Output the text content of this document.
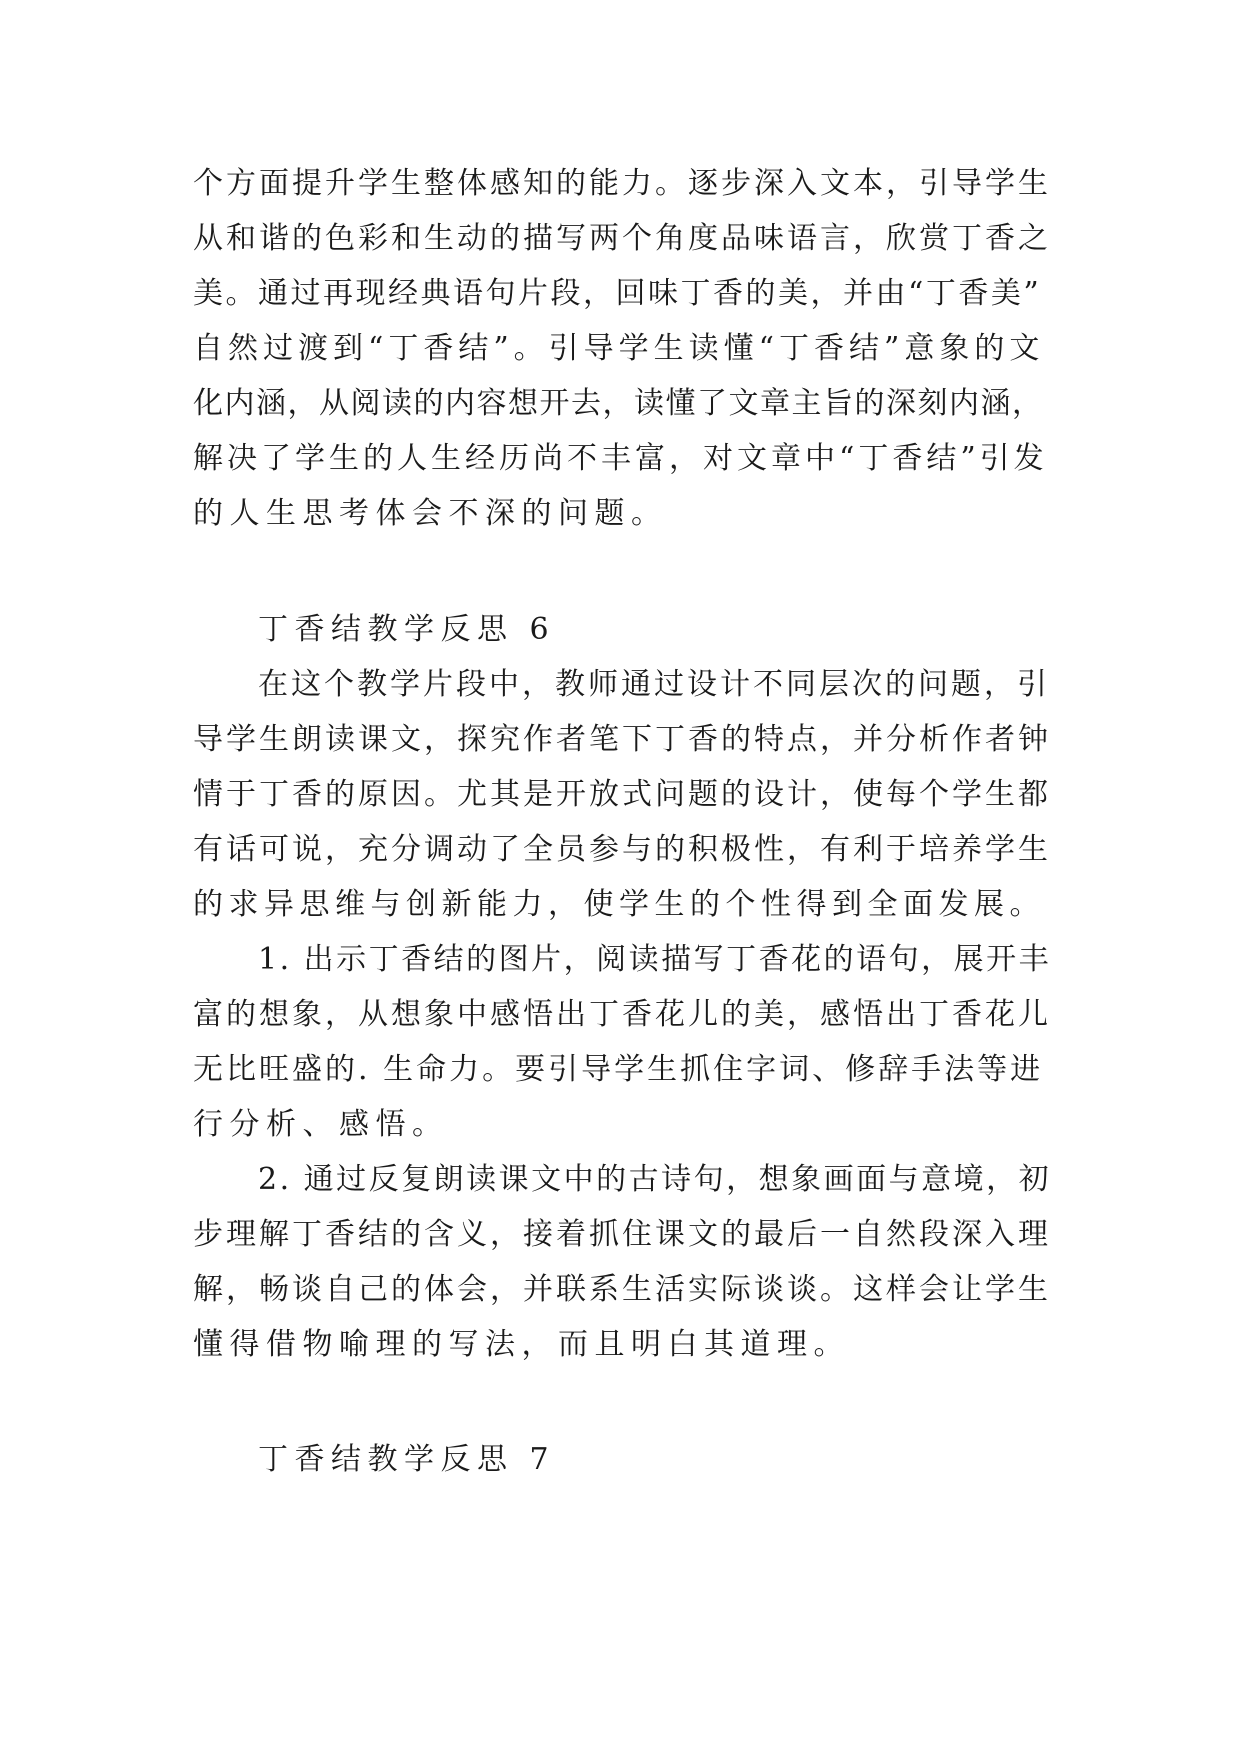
个方面提升学生整体感知的能力。逐步深入文本，引导学生

从和谐的色彩和生动的描写两个角度品味语言，欣赏丁香之

美。通过再现经典语句片段，回味丁香的美，并由“丁香美”

自然过渡到“丁香结”。引导学生读懂“丁香结”意象的文

化内涵，从阅读的内容想开去，读懂了文章主旨的深刻内涵，

解决了学生的人生经历尚不丰富，对文章中“丁香结”引发

的人生思考体会不深的问题。

丁香结教学反思 6

在这个教学片段中，教师通过设计不同层次的问题，引

导学生朗读课文，探究作者笔下丁香的特点，并分析作者钟

情于丁香的原因。尤其是开放式问题的设计，使每个学生都

有话可说，充分调动了全员参与的积极性，有利于培养学生

的求异思维与创新能力，使学生的个性得到全面发展。

1. 出示丁香结的图片，阅读描写丁香花的语句，展开丰

富的想象，从想象中感悟出丁香花儿的美，感悟出丁香花儿

无比旺盛的. 生命力。要引导学生抓住字词、修辞手法等进

行分析、感悟。

2. 通过反复朗读课文中的古诗句，想象画面与意境，初

步理解丁香结的含义，接着抓住课文的最后一自然段深入理

解，畅谈自己的体会，并联系生活实际谈谈。这样会让学生

懂得借物喻理的写法，而且明白其道理。

丁香结教学反思 7
